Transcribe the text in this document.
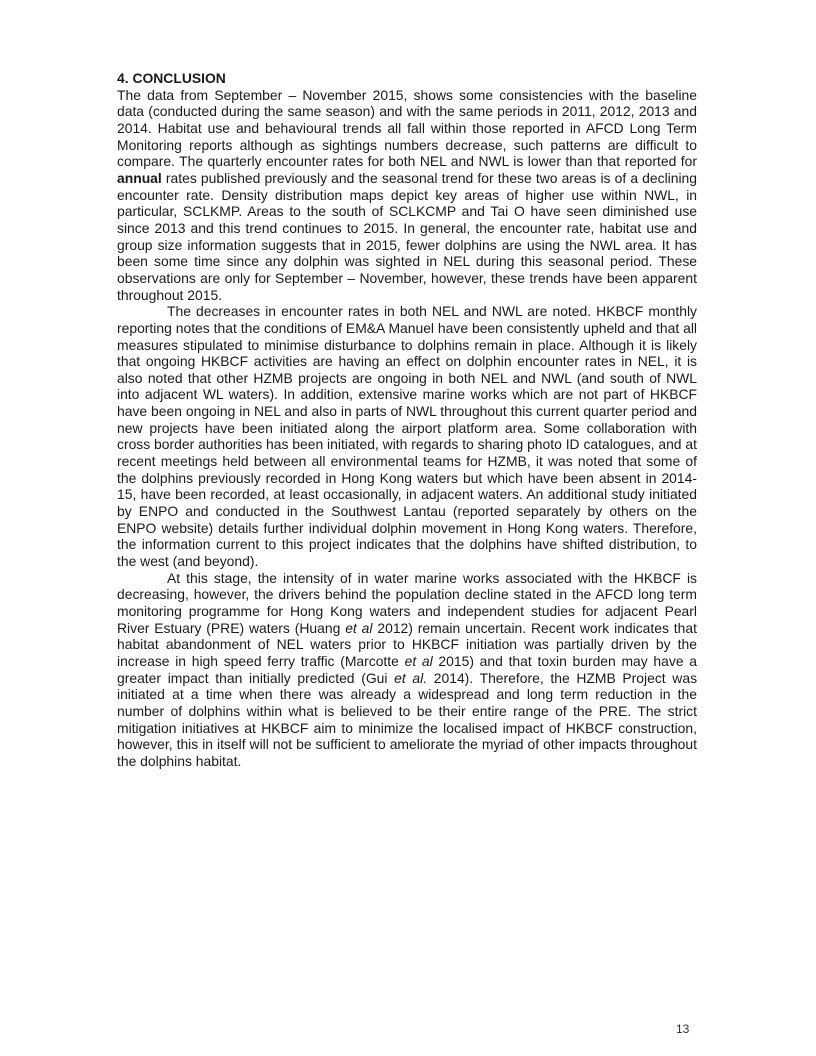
4. CONCLUSION

The data from September – November 2015, shows some consistencies with the baseline data (conducted during the same season) and with the same periods in 2011, 2012, 2013 and 2014. Habitat use and behavioural trends all fall within those reported in AFCD Long Term Monitoring reports although as sightings numbers decrease, such patterns are difficult to compare. The quarterly encounter rates for both NEL and NWL is lower than that reported for annual rates published previously and the seasonal trend for these two areas is of a declining encounter rate. Density distribution maps depict key areas of higher use within NWL, in particular, SCLKMP. Areas to the south of SCLKCMP and Tai O have seen diminished use since 2013 and this trend continues to 2015. In general, the encounter rate, habitat use and group size information suggests that in 2015, fewer dolphins are using the NWL area. It has been some time since any dolphin was sighted in NEL during this seasonal period. These observations are only for September – November, however, these trends have been apparent throughout 2015.

The decreases in encounter rates in both NEL and NWL are noted. HKBCF monthly reporting notes that the conditions of EM&A Manuel have been consistently upheld and that all measures stipulated to minimise disturbance to dolphins remain in place. Although it is likely that ongoing HKBCF activities are having an effect on dolphin encounter rates in NEL, it is also noted that other HZMB projects are ongoing in both NEL and NWL (and south of NWL into adjacent WL waters). In addition, extensive marine works which are not part of HKBCF have been ongoing in NEL and also in parts of NWL throughout this current quarter period and new projects have been initiated along the airport platform area. Some collaboration with cross border authorities has been initiated, with regards to sharing photo ID catalogues, and at recent meetings held between all environmental teams for HZMB, it was noted that some of the dolphins previously recorded in Hong Kong waters but which have been absent in 2014-15, have been recorded, at least occasionally, in adjacent waters. An additional study initiated by ENPO and conducted in the Southwest Lantau (reported separately by others on the ENPO website) details further individual dolphin movement in Hong Kong waters. Therefore, the information current to this project indicates that the dolphins have shifted distribution, to the west (and beyond).

At this stage, the intensity of in water marine works associated with the HKBCF is decreasing, however, the drivers behind the population decline stated in the AFCD long term monitoring programme for Hong Kong waters and independent studies for adjacent Pearl River Estuary (PRE) waters (Huang et al 2012) remain uncertain. Recent work indicates that habitat abandonment of NEL waters prior to HKBCF initiation was partially driven by the increase in high speed ferry traffic (Marcotte et al 2015) and that toxin burden may have a greater impact than initially predicted (Gui et al. 2014). Therefore, the HZMB Project was initiated at a time when there was already a widespread and long term reduction in the number of dolphins within what is believed to be their entire range of the PRE. The strict mitigation initiatives at HKBCF aim to minimize the localised impact of HKBCF construction, however, this in itself will not be sufficient to ameliorate the myriad of other impacts throughout the dolphins habitat.

13
